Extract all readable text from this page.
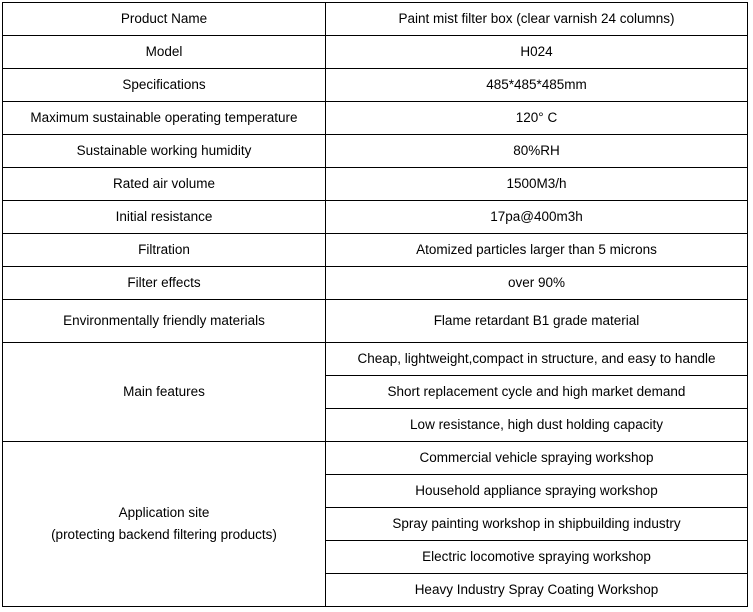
Product Name	Paint mist filter box (clear varnish 24 columns)
Model	H024
Specifications	485*485*485mm
Maximum sustainable operating temperature	120° C
Sustainable working humidity	80%RH
Rated air volume	1500M3/h
Initial resistance	17pa@400m3h
Filtration	Atomized particles larger than 5 microns
Filter effects	over 90%
Environmentally friendly materials	Flame retardant B1 grade material
Main features	Cheap, lightweight,compact in structure, and easy to handle
	Short replacement cycle and high market demand
	Low resistance, high dust holding capacity

Application site
(protecting backend filtering products)	Commercial vehicle spraying workshop
	Household appliance spraying workshop
	Spray painting workshop in shipbuilding industry
	Electric locomotive spraying workshop
	Heavy Industry Spray Coating Workshop
